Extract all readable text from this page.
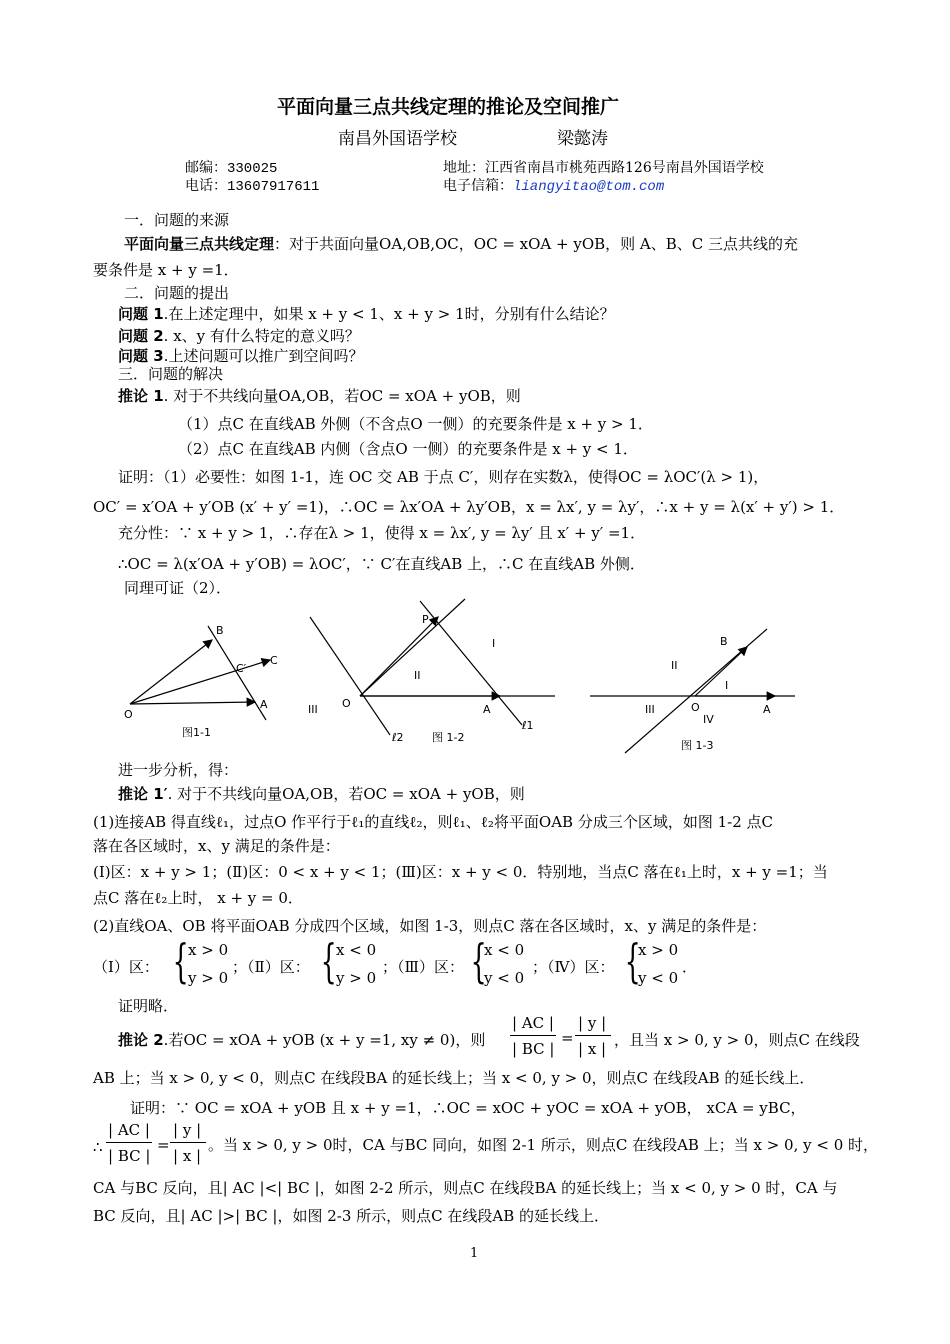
平面向量三点共线定理的推论及空间推广
南昌外国语学校	梁懿涛
邮编：330025	地址：江西省南昌市桃苑西路126号南昌外国语学校
电话：13607917611	电子信箱：liangyitao@tom.com
一．问题的来源
平面向量三点共线定理：对于共面向量OA,OB,OC，OC = xOA + yOB，则 A、B、C 三点共线的充
要条件是 x + y =1．
二．问题的提出
问题 1.在上述定理中，如果 x + y < 1、x + y > 1时，分别有什么结论？
问题 2. x、y 有什么特定的意义吗？
问题 3.上述问题可以推广到空间吗？
三．问题的解决
推论 1. 对于不共线向量OA,OB，若OC = xOA + yOB，则
（1）点C 在直线AB 外侧（不含点O 一侧）的充要条件是 x + y > 1．
（2）点C 在直线AB 内侧（含点O 一侧）的充要条件是 x + y < 1．
证明：（1）必要性：如图 1-1，连 OC 交 AB 于点 C′，则存在实数λ，使得OC = λOC′(λ > 1)，
OC′ = x′OA + y′OB (x′ + y′ =1)，∴OC = λx′OA + λy′OB，x = λx′, y = λy′，∴x + y = λ(x′ + y′) > 1．
充分性：∵ x + y > 1，∴存在λ > 1，使得 x = λx′, y = λy′ 且 x′ + y′ =1．
∴OC = λ(x′OA + y′OB) = λOC′，∵ C′在直线AB 上，∴C 在直线AB 外侧．
同理可证（2）．
B
C′
C
O
A
图1-1
P
I
II
III O	A
ℓ2
ℓ1
图 1-2
B
II
I
III	O
IV
A
图 1-3
进一步分析，得：
推论 1′. 对于不共线向量OA,OB，若OC = xOA + yOB，则
(1)连接AB 得直线ℓ₁，过点O 作平行于ℓ₁的直线ℓ₂，则ℓ₁、ℓ₂将平面OAB 分成三个区域，如图 1-2 点C
落在各区域时，x、y 满足的条件是：
(Ⅰ)区：x + y > 1；(Ⅱ)区：0 < x + y < 1；(Ⅲ)区：x + y < 0．特别地，当点C 落在ℓ₁上时，x + y =1；当
点C 落在ℓ₂上时， x + y = 0．
(2)直线OA、OB 将平面OAB 分成四个区域，如图 1-3，则点C 落在各区域时，x、y 满足的条件是：
（Ⅰ）区： { x > 0
y > 0
；（Ⅱ）区： { x < 0
y > 0
；（Ⅲ）区： {
x < 0
y < 0
；（Ⅳ）区： {
x > 0
y < 0
．
证明略．
推论 2.若OC = xOA + yOB (x + y =1, xy ≠ 0)，则
| AC |
| BC |
=
| y |
| x | ，且当 x > 0, y > 0，则点C 在线段
AB 上；当 x > 0, y < 0，则点C 在线段BA 的延长线上；当 x < 0, y > 0，则点C 在线段AB 的延长线上．
证明：∵ OC = xOA + yOB 且 x + y =1，∴OC = xOC + yOC = xOA + yOB， xCA = yBC，
∴
| AC |
| BC |
=
| y |
| x |
。当 x > 0, y > 0时，CA 与BC 同向，如图 2-1 所示，则点C 在线段AB 上；当 x > 0, y < 0 时，
CA 与BC 反向，且| AC |<| BC |，如图 2-2 所示，则点C 在线段BA 的延长线上；当 x < 0, y > 0 时，CA 与
BC 反向，且| AC |>| BC |，如图 2-3 所示，则点C 在线段AB 的延长线上．
1
